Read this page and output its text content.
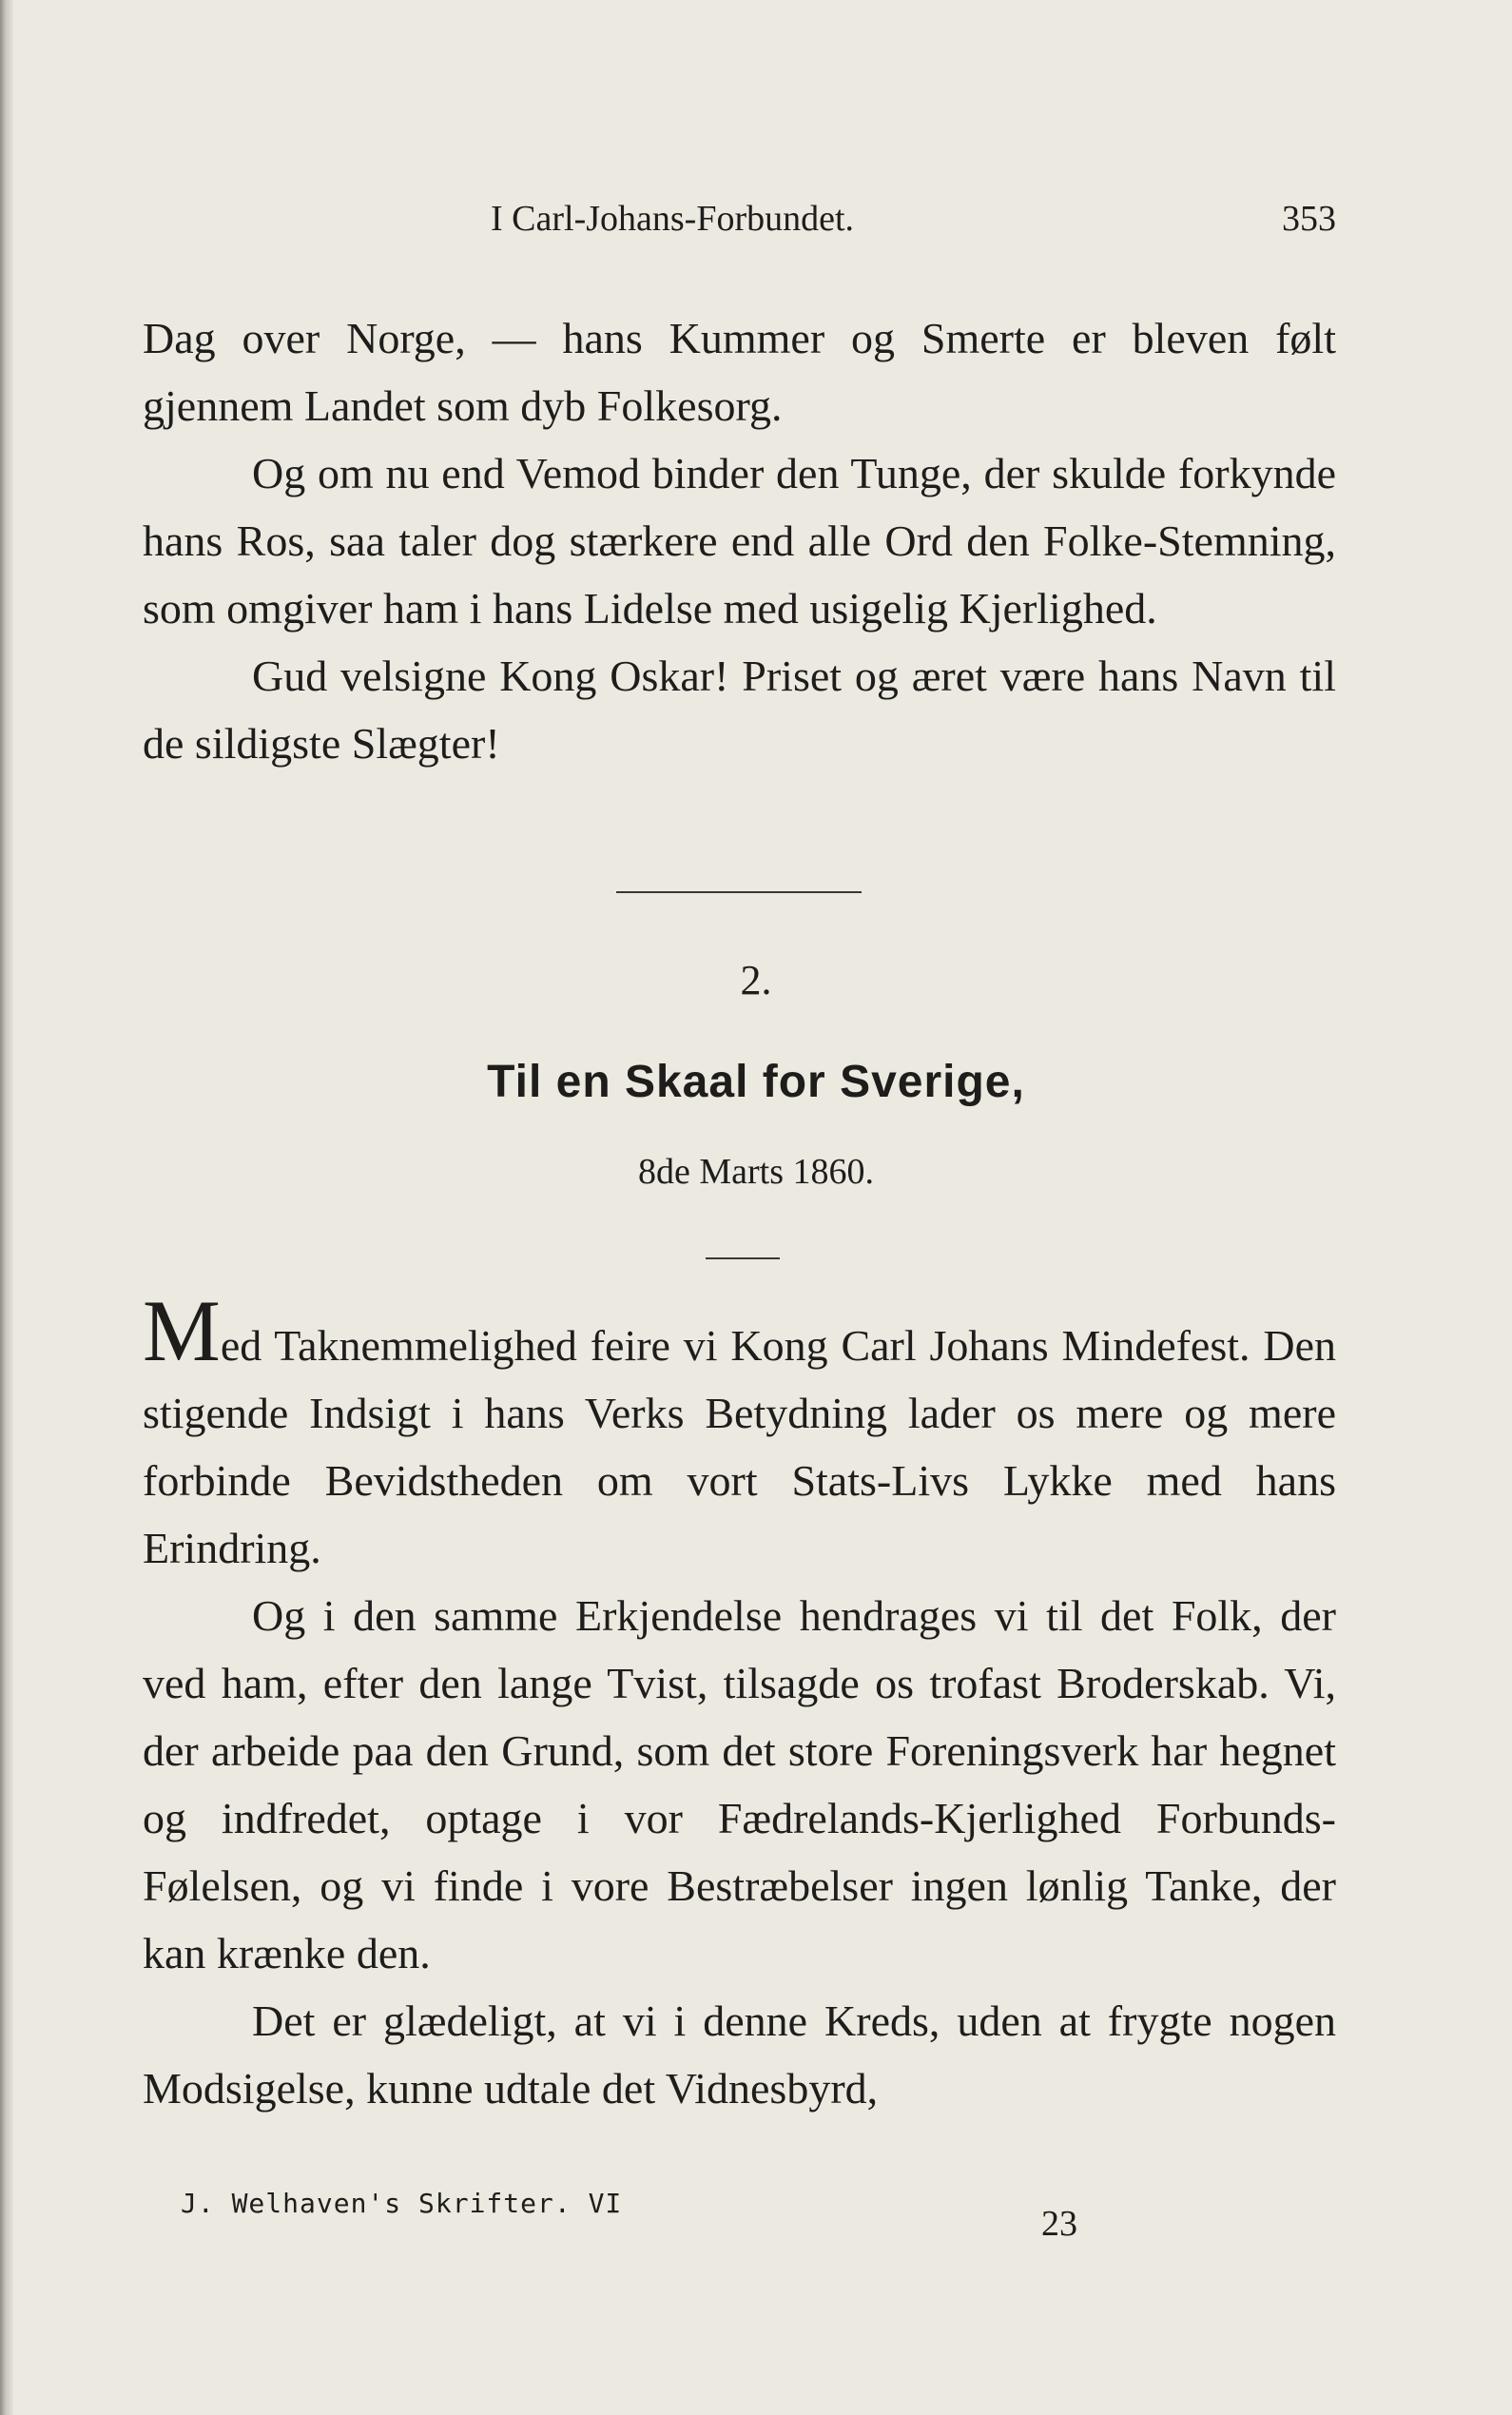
I Carl-Johans-Forbundet.	353

Dag over Norge, — hans Kummer og Smerte er bleven følt gjennem Landet som dyb Folkesorg.

Og om nu end Vemod binder den Tunge, der skulde forkynde hans Ros, saa taler dog stærkere end alle Ord den Folke-Stemning, som omgiver ham i hans Lidelse med usigelig Kjerlighed.

Gud velsigne Kong Oskar! Priset og æret være hans Navn til de sildigste Slægter!

2.
Til en Skaal for Sverige,
8de Marts 1860.

Med Taknemmelighed feire vi Kong Carl Johans Mindefest. Den stigende Indsigt i hans Verks Betydning lader os mere og mere forbinde Bevidstheden om vort Stats-Livs Lykke med hans Erindring.

Og i den samme Erkjendelse hendrages vi til det Folk, der ved ham, efter den lange Tvist, tilsagde os trofast Broderskab. Vi, der arbeide paa den Grund, som det store Foreningsverk har hegnet og indfredet, optage i vor Fædrelands-Kjerlighed Forbunds-Følelsen, og vi finde i vore Bestræbelser ingen lønlig Tanke, der kan krænke den.

Det er glædeligt, at vi i denne Kreds, uden at frygte nogen Modsigelse, kunne udtale det Vidnesbyrd,

J. Welhaven's Skrifter. VI
23
